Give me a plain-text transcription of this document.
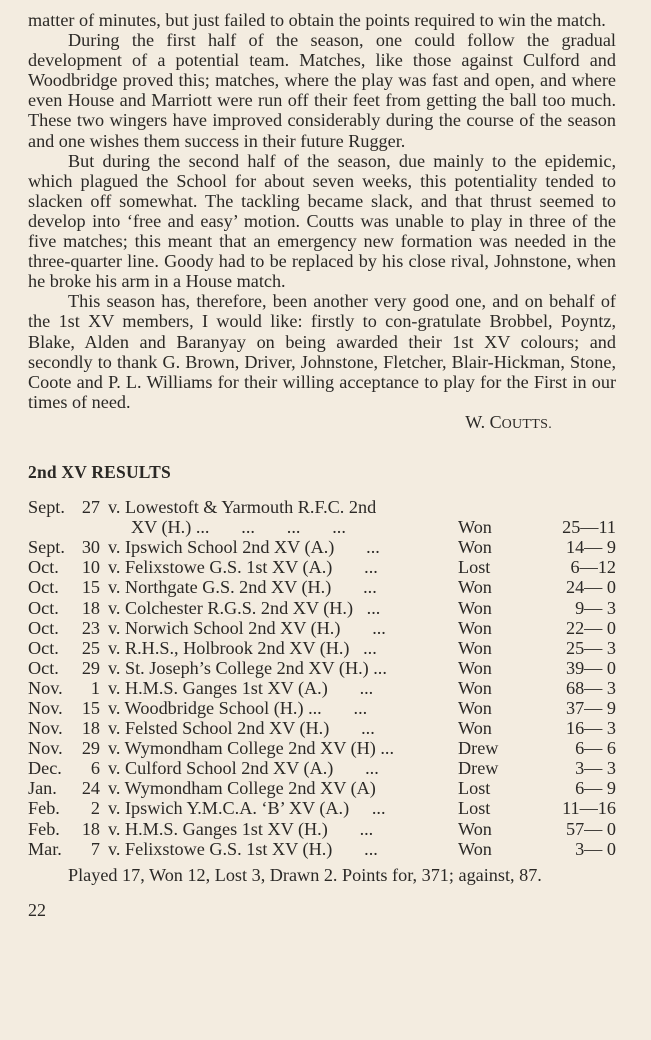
matter of minutes, but just failed to obtain the points required to win the match.

During the first half of the season, one could follow the gradual development of a potential team. Matches, like those against Culford and Woodbridge proved this; matches, where the play was fast and open, and where even House and Marriott were run off their feet from getting the ball too much. These two wingers have improved considerably during the course of the season and one wishes them success in their future Rugger.

But during the second half of the season, due mainly to the epidemic, which plagued the School for about seven weeks, this potentiality tended to slacken off somewhat. The tackling became slack, and that thrust seemed to develop into ‘free and easy’ motion. Coutts was unable to play in three of the five matches; this meant that an emergency new formation was needed in the three-quarter line. Goody had to be replaced by his close rival, Johnstone, when he broke his arm in a House match.

This season has, therefore, been another very good one, and on behalf of the 1st XV members, I would like: firstly to con-gratulate Brobbel, Poyntz, Blake, Alden and Baranyay on being awarded their 1st XV colours; and secondly to thank G. Brown, Driver, Johnstone, Fletcher, Blair-Hickman, Stone, Coote and P. L. Williams for their willing acceptance to play for the First in our times of need.

W. COUTTS.
2nd XV RESULTS
Sept.	27	v. Lowestoft & Yarmouth R.F.C. 2nd
XV (H.) ...       ...       ...       ...	Won	25—11
Sept.	30	v. Ipswich School 2nd XV (A.)       ...	Won	14— 9
Oct.	10	v. Felixstowe G.S. 1st XV (A.)       ...	Lost	6—12
Oct.	15	v. Northgate G.S. 2nd XV (H.)       ...	Won	24— 0
Oct.	18	v. Colchester R.G.S. 2nd XV (H.)   ...	Won	9— 3
Oct.	23	v. Norwich School 2nd XV (H.)       ...	Won	22— 0
Oct.	25	v. R.H.S., Holbrook 2nd XV (H.)   ...	Won	25— 3
Oct.	29	v. St. Joseph’s College 2nd XV (H.) ...	Won	39— 0
Nov.	1	v. H.M.S. Ganges 1st XV (A.)       ...	Won	68— 3
Nov.	15	v. Woodbridge School (H.) ...       ...	Won	37— 9
Nov.	18	v. Felsted School 2nd XV (H.)       ...	Won	16— 3
Nov.	29	v. Wymondham College 2nd XV (H) ...	Drew	6— 6
Dec.	6	v. Culford School 2nd XV (A.)       ...	Drew	3— 3
Jan.	24	v. Wymondham College 2nd XV (A)	Lost	6— 9
Feb.	2	v. Ipswich Y.M.C.A. ‘B’ XV (A.)     ...	Lost	11—16
Feb.	18	v. H.M.S. Ganges 1st XV (H.)       ...	Won	57— 0
Mar.	7	v. Felixstowe G.S. 1st XV (H.)       ...	Won	3— 0

Played 17, Won 12, Lost 3, Drawn 2. Points for, 371; against, 87.

22
